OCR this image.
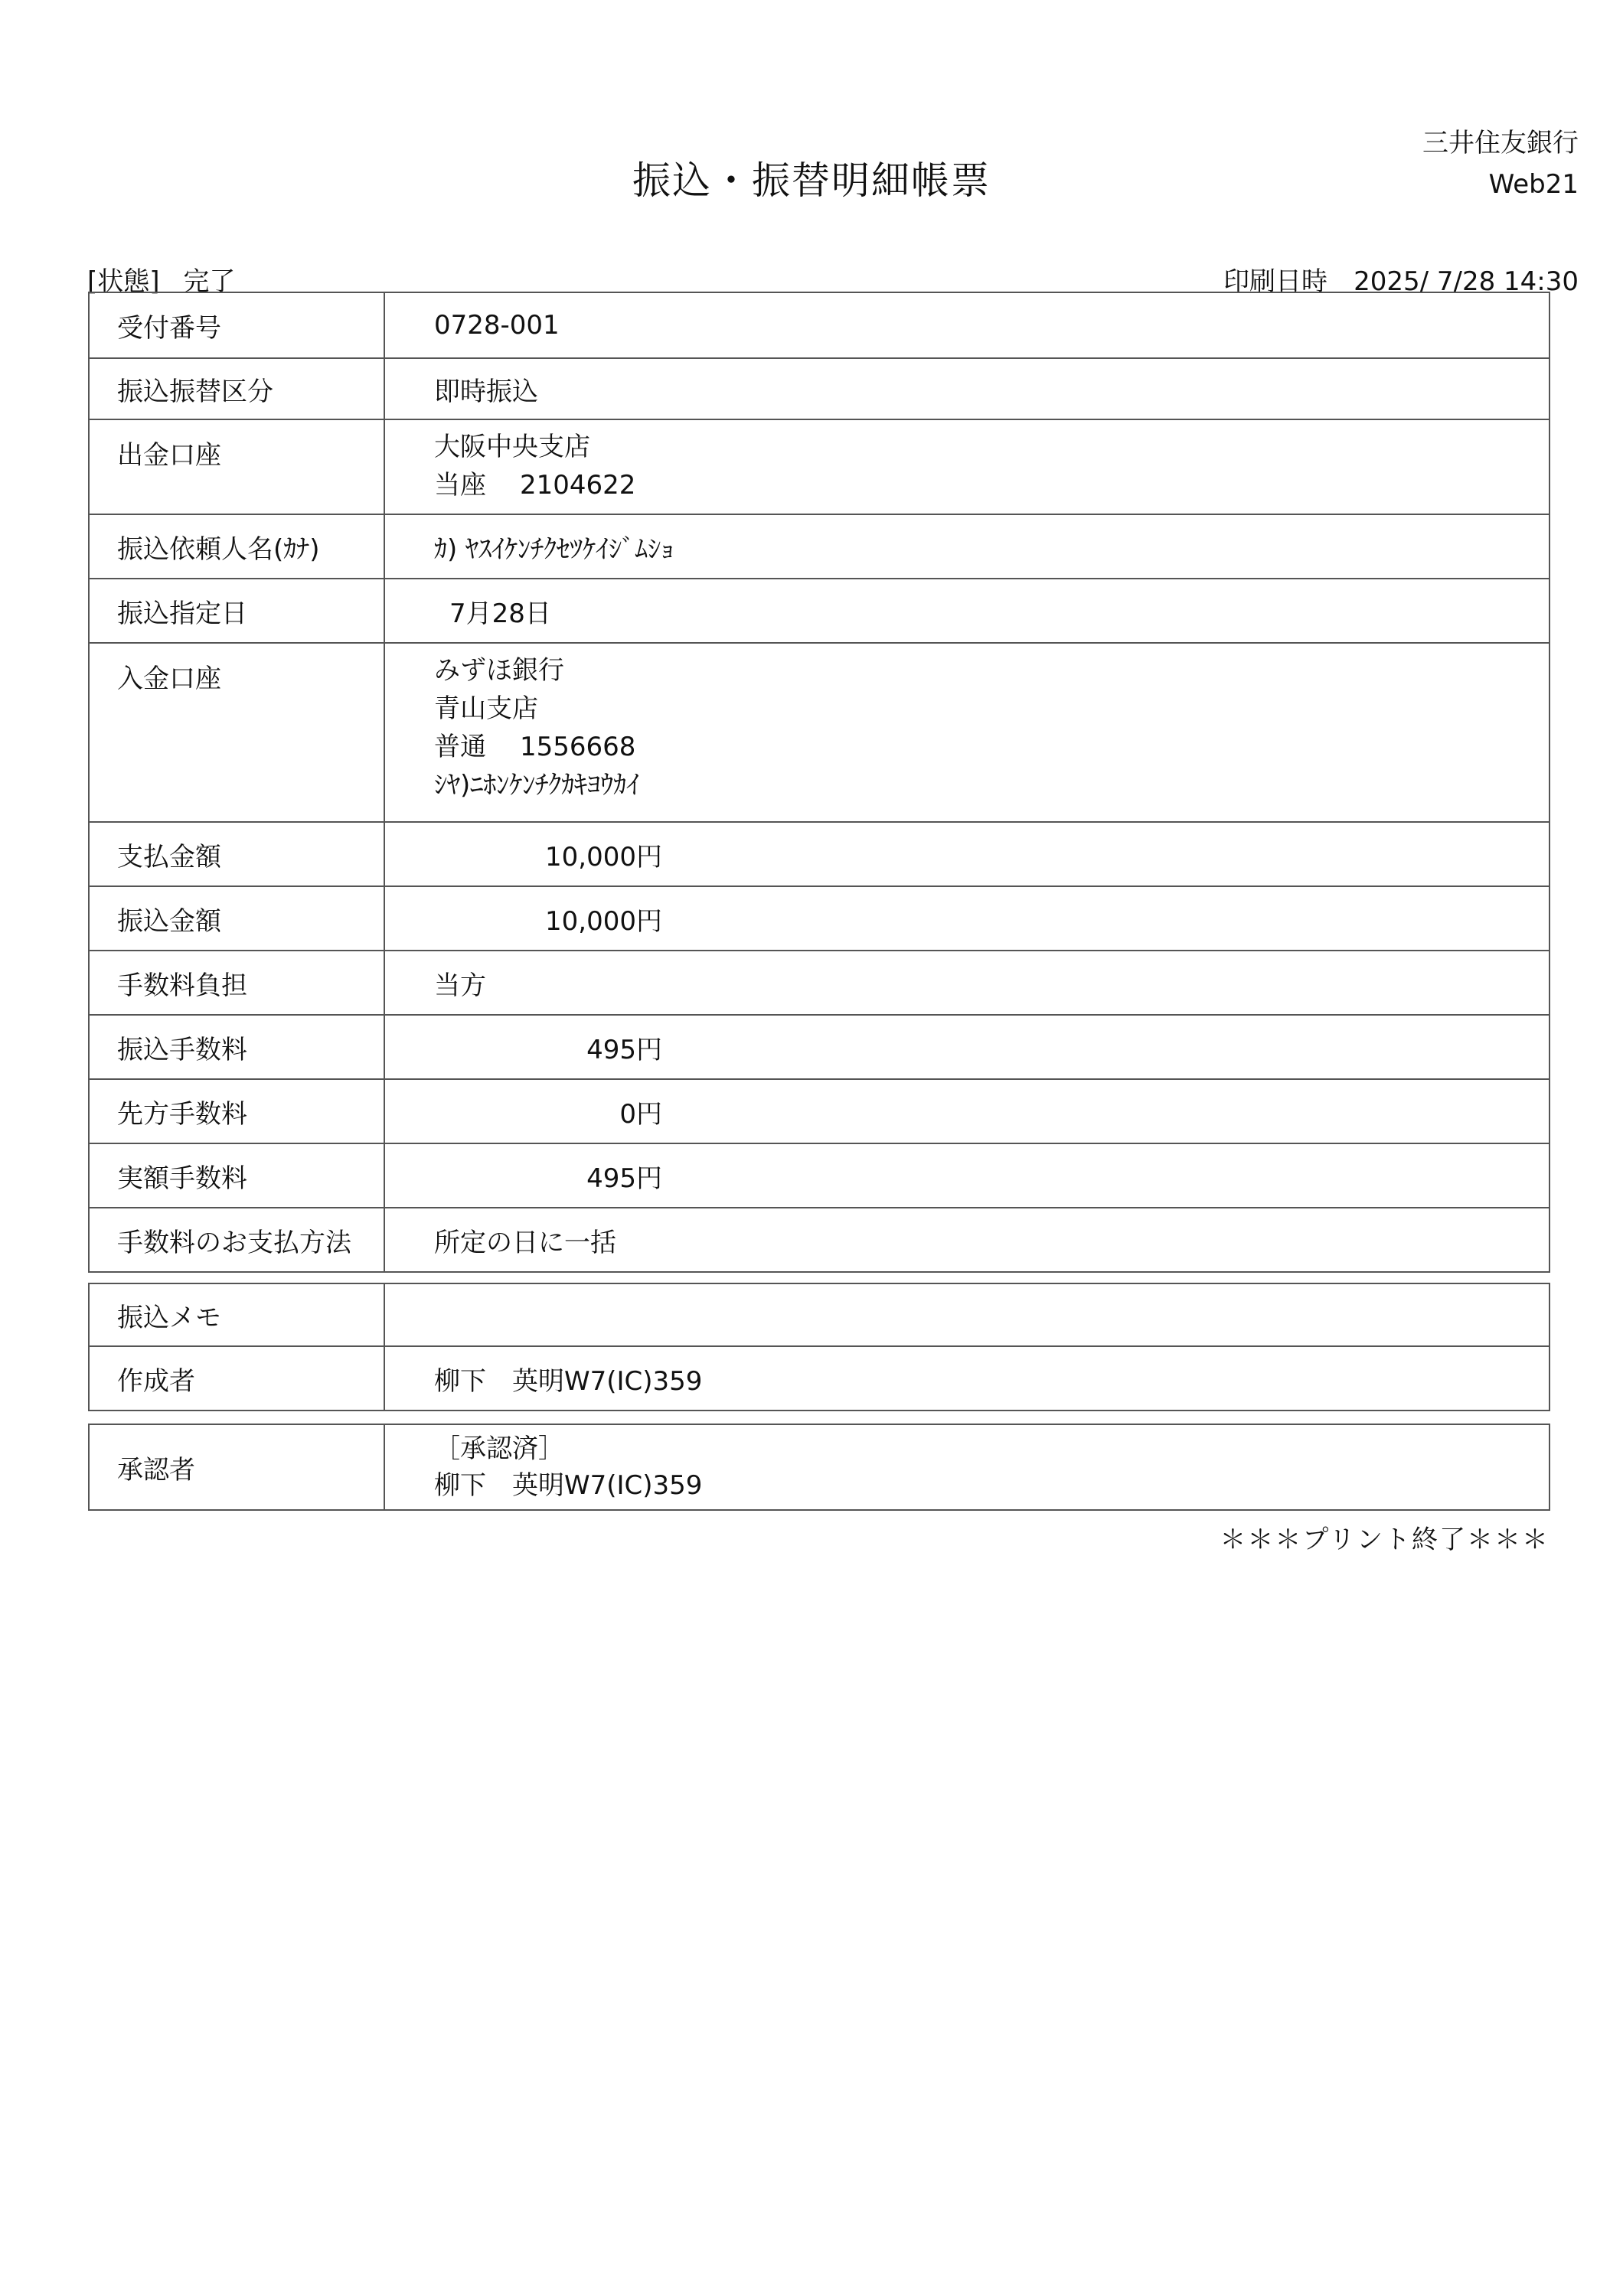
振込・振替明細帳票
三井住友銀行
Web21
[状態] 完了	印刷日時 2025/ 7/28 14:30
受付番号	0728-001
振込振替区分	即時振込
出金口座	大阪中央支店
当座 2104622

振込依頼人名(ｶﾅ)	ｶ) ﾔｽｲｹﾝﾁｸｾﾂｹｲｼﾞﾑｼｮ
振込指定日	7月28日
入金口座	みずほ銀行
青山支店
普通 1556668
ｼﾔ)ﾆﾎﾝｹﾝﾁｸｶｷﾖｳｶｲ

支払金額	10,000円
振込金額	10,000円
手数料負担	当方
振込手数料	495円
先方手数料	0円
実額手数料	495円
手数料のお支払方法	所定の日に一括
振込メモ	
作成者	柳下　英明W7(IC)359
承認者	
［承認済］
柳下　英明W7(IC)359
＊＊＊プリント終了＊＊＊
